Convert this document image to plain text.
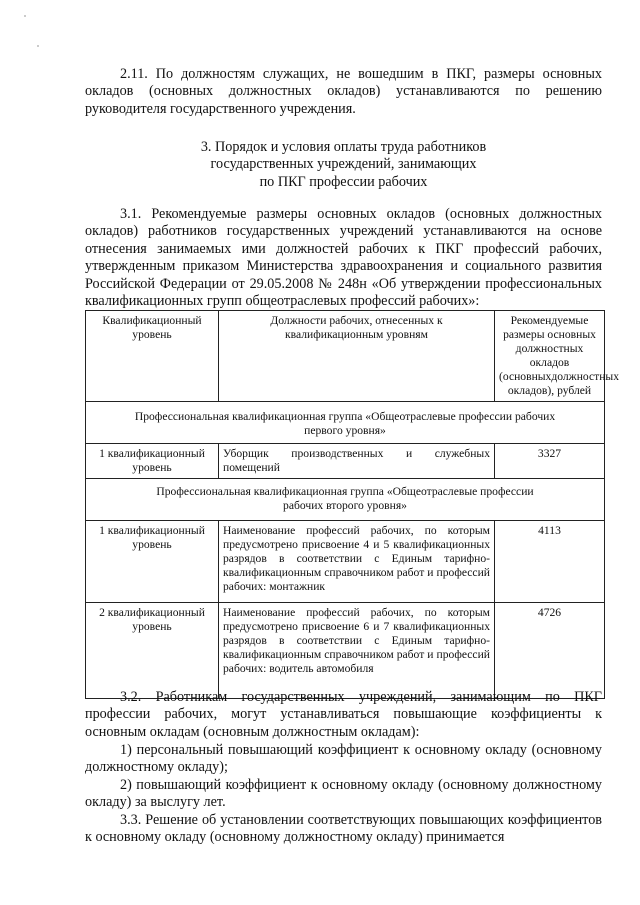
2.11. По должностям служащих, не вошедшим в ПКГ, размеры основных окладов (основных должностных окладов) устанавливаются по решению руководителя государственного учреждения.

3. Порядок и условия оплаты труда работников
государственных учреждений, занимающих
по ПКГ профессии рабочих

3.1. Рекомендуемые размеры основных окладов (основных должностных окладов) работников государственных учреждений устанавливаются на основе отнесения занимаемых ими должностей рабочих к ПКГ профессий рабочих, утвержденным приказом Министерства здравоохранения и социального развития Российской Федерации от 29.05.2008 № 248н «Об утверждении профессиональных квалификационных групп общеотраслевых профессий рабочих»:

Квалификационный уровень	Должности рабочих, отнесенных к квалификационным уровням	Рекомендуемые размеры основных должностных окладов (основныхдолжностных окладов), рублей
Профессиональная квалификационная группа «Общеотраслевые профессии рабочих первого уровня»		
1 квалификационный уровень	Уборщик производственных и служебных помещений	3327
Профессиональная квалификационная группа «Общеотраслевые профессии рабочих второго уровня»		
1 квалификационный уровень	Наименование профессий рабочих, по которым предусмотрено присвоение 4 и 5 квалификационных разрядов в соответствии с Единым тарифно-квалификационным справочником работ и профессий рабочих: монтажник	4113
2 квалификационный уровень	Наименование профессий рабочих, по которым предусмотрено присвоение 6 и 7 квалификационных разрядов в соответствии с Единым тарифно-квалификационным справочником работ и профессий рабочих: водитель автомобиля	4726

3.2. Работникам государственных учреждений, занимающим по ПКГ профессии рабочих, могут устанавливаться повышающие коэффициенты к основным окладам (основным должностным окладам):

1) персональный повышающий коэффициент к основному окладу (основному должностному окладу);

2) повышающий коэффициент к основному окладу (основному должностному окладу) за выслугу лет.

3.3. Решение об установлении соответствующих повышающих коэффициентов к основному окладу (основному должностному окладу) принимается
